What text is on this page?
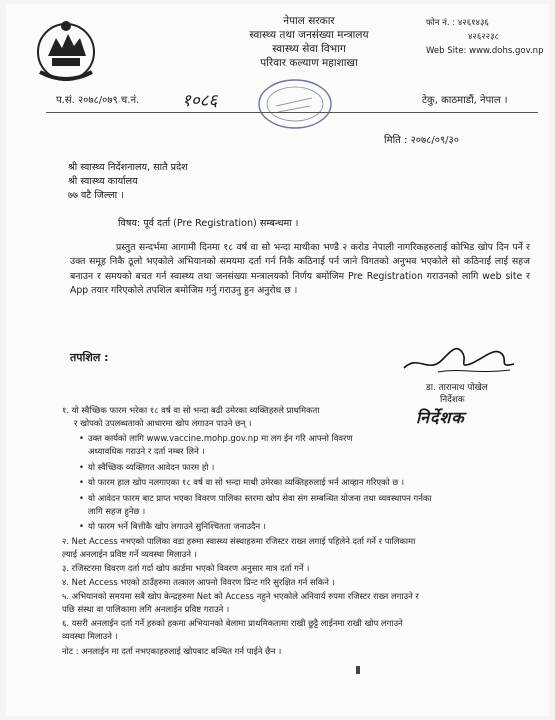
नेपाल सरकार
स्वास्थ्य तथा जनसंख्या मन्त्रालय
स्वास्थ्य सेवा विभाग
परिवार कल्याण महाशाखा
फोन नं. : ४२६१४३६
४२६२२३८
Web Site: www.dohs.gov.np
प.सं. २०७८/०७९ च.नं.	१०८६	टेकु, काठमाडौं, नेपाल ।
मिति : २०७८/०९/३०
श्री स्वास्थ्य निर्देशनालय, सातै प्रदेश
श्री स्वास्थ्य कार्यालय
७७ वटै जिल्ला ।
विषय: पूर्व दर्ता (Pre Registration) सम्बन्धमा ।
प्रस्तुत सन्दर्भमा आगामी दिनमा १८ वर्ष वा सो भन्दा माथीका भण्डै २ करोड नेपाली नागरिकहरुलाई कोभिड खोप दिन पर्ने र उक्त समूह निकै ठूलो भएकोले अभियानको समयमा दर्ता गर्न निकै कठिनाई पर्न जाने विगतको अनुभव भएकोले सो कठिनाई लाई सहज बनाउन र समयको बचत गर्न स्वास्थ्य तथा जनसंख्या मन्त्रालयको निर्णय बमोजिम Pre Registration गराउनको लागि web site र App तयार गरिएकोले तपशिल बमोजिम गर्नु गराउनु हुन अनुरोध छ ।
तपशिल :
डा. तारानाथ पोखेल
निर्देशक
निर्देशक
१. यो स्वैच्छिक फारम भरेका १८ वर्ष वा सो भन्दा बढी उमेरका व्यक्तिहरुले प्राथमिकता
र खोपको उपलब्धताको आधारमा खोप लगाउन पाउने छन् ।
• उक्त कार्यको लागि www.vaccine.mohp.gov.np मा लग ईन गरि आफ्नो विवरण
अध्यावधिक गराउने र दर्ता नम्बर लिने ।
• यो स्वैच्छिक व्यक्तिगत आवेदन फारम हो ।
• यो फारम हाल खोप नलगाएका १८ वर्ष वा सो भन्दा माथी उमेरका व्यक्तिहरुलाई भर्न आव्हान गरिएको छ ।
• यो आवेदन फारम बाट प्राप्त भएका विवरण पालिका स्तरमा खोप सेवा संग सम्बन्धित योजना तथा व्यवस्थापन गर्नका
लागि सहज हुनेछ ।
• यो फारम भर्ने बित्तीकै खोप लगाउने सुनिश्चितता जनाउदैन ।
२. Net Access नभएको पालिका वडा हरुमा स्वास्थ्य संस्थाहरुमा रजिस्टर राख्न लगाई पहिलेने दर्ता गर्ने र पालिकामा
ल्याई अनलाईन प्रविष्ट गर्ने व्यवस्था मिलाउने ।
३. रजिस्टरमा विवरण दर्ता गर्दा खोप कार्डमा भएको विवरण अनुसार मात्र दर्ता गर्ने ।
४. Net Access भएको ठाउँहरुमा तत्काल आफ्नो विवरण प्रिन्ट गरि सुरक्षित गर्न सकिने ।
५. अभियानको समयमा सबै खोप केन्द्रहरुमा Net को Access नहुने भएकोले अनिवार्य रुपमा रजिस्टर राख्न लगाउने र
पछि संस्था वा पालिकामा लगि अनलाईन प्रविष्ट गराउने ।
६. यसरी अनलाईन दर्ता गर्ने हरुको हकमा अभियानको बेलामा प्राथमिकतामा राखी छुट्टै लाईनमा राखी खोप लगाउने
व्यवस्था मिलाउने ।
नोट : अनलाईन मा दर्ता नभएकाहरुलाई खोपबाट बञ्चित गर्न पाईने छैन ।
